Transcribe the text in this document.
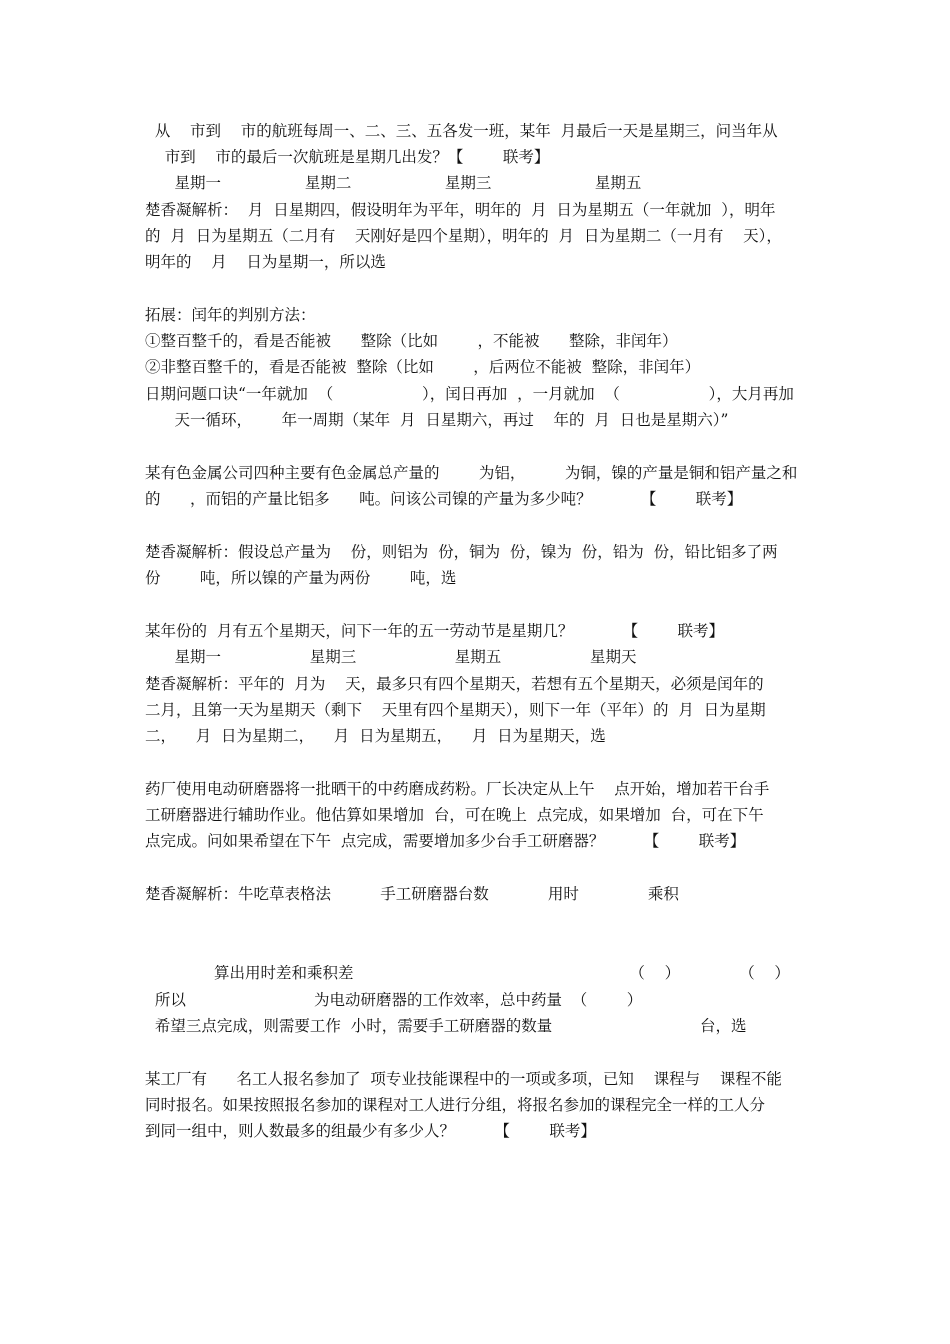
从    市到    市的航班每周一、二、三、五各发一班，某年  月最后一天是星期三，问当年从
市到    市的最后一次航班是星期几出发？【        联考】
星期一                 星期二                   星期三                     星期五
楚香凝解析：  月  日星期四，假设明年为平年，明年的  月  日为星期五（一年就加  ），明年
的  月  日为星期五（二月有    天刚好是四个星期），明年的  月  日为星期二（一月有    天），
明年的    月    日为星期一，所以选
拓展：闰年的判别方法：
①整百整千的，看是否能被      整除（比如        ，不能被      整除，非闰年）
②非整百整千的，看是否能被  整除（比如        ，后两位不能被  整除，非闰年）
日期问题口诀“一年就加  （                  ），闰日再加  ，一月就加  （                  ），大月再加
天一循环，      年一周期（某年  月  日星期六，再过    年的  月  日也是星期六）”
某有色金属公司四种主要有色金属总产量的        为铝，        为铜，镍的产量是铜和铝产量之和
的      ，而铝的产量比铝多      吨。问该公司镍的产量为多少吨？          【        联考】
楚香凝解析：假设总产量为    份，则铝为  份，铜为  份，镍为  份，铅为  份，铅比铝多了两
份        吨，所以镍的产量为两份        吨，选
某年份的  月有五个星期天，问下一年的五一劳动节是星期几？          【        联考】
星期一                  星期三                    星期五                  星期天
楚香凝解析：平年的  月为    天，最多只有四个星期天，若想有五个星期天，必须是闰年的
二月，且第一天为星期天（剩下    天里有四个星期天），则下一年（平年）的  月  日为星期
二，    月  日为星期二，    月  日为星期五，    月  日为星期天，选
药厂使用电动研磨器将一批晒干的中药磨成药粉。厂长决定从上午    点开始，增加若干台手
工研磨器进行辅助作业。他估算如果增加  台，可在晚上  点完成，如果增加  台，可在下午
点完成。问如果希望在下午  点完成，需要增加多少台手工研磨器？        【        联考】
楚香凝解析：牛吃草表格法          手工研磨器台数            用时              乘积
算出用时差和乘积差                                                        （    ）            （    ）
所以                          为电动研磨器的工作效率，总中药量  （        ）
希望三点完成，则需要工作  小时，需要手工研磨器的数量                              台，选
某工厂有      名工人报名参加了  项专业技能课程中的一项或多项，已知    课程与    课程不能
同时报名。如果按照报名参加的课程对工人进行分组，将报名参加的课程完全一样的工人分
到同一组中，则人数最多的组最少有多少人？        【        联考】
